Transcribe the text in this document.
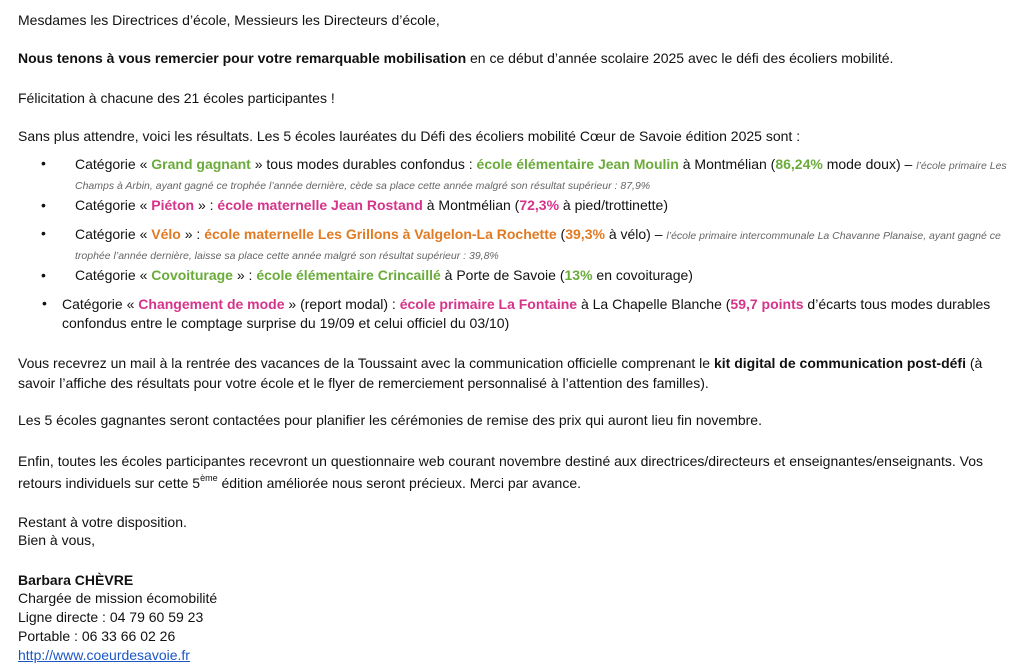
Mesdames les Directrices d’école, Messieurs les Directeurs d’école,

Nous tenons à vous remercier pour votre remarquable mobilisation en ce début d’année scolaire 2025 avec le défi des écoliers mobilité.

Félicitation à chacune des 21 écoles participantes !

Sans plus attendre, voici les résultats. Les 5 écoles lauréates du Défi des écoliers mobilité Cœur de Savoie édition 2025 sont :

• Catégorie « Grand gagnant » tous modes durables confondus : école élémentaire Jean Moulin à Montmélian (86,24% mode doux) – l’école primaire Les Champs à Arbin, ayant gagné ce trophée l’année dernière, cède sa place cette année malgré son résultat supérieur : 87,9%
• Catégorie « Piéton » : école maternelle Jean Rostand à Montmélian (72,3% à pied/trottinette)
• Catégorie « Vélo » : école maternelle Les Grillons à Valgelon-La Rochette (39,3% à vélo) – l’école primaire intercommunale La Chavanne Planaise, ayant gagné ce trophée l’année dernière, laisse sa place cette année malgré son résultat supérieur : 39,8%
• Catégorie « Covoiturage » : école élémentaire Crincaillé à Porte de Savoie (13% en covoiturage)
• Catégorie « Changement de mode » (report modal) : école primaire La Fontaine à La Chapelle Blanche (59,7 points d’écarts tous modes durables confondus entre le comptage surprise du 19/09 et celui officiel du 03/10)

Vous recevrez un mail à la rentrée des vacances de la Toussaint avec la communication officielle comprenant le kit digital de communication post-défi (à savoir l’affiche des résultats pour votre école et le flyer de remerciement personnalisé à l’attention des familles).

Les 5 écoles gagnantes seront contactées pour planifier les cérémonies de remise des prix qui auront lieu fin novembre.

Enfin, toutes les écoles participantes recevront un questionnaire web courant novembre destiné aux directrices/directeurs et enseignantes/enseignants. Vos retours individuels sur cette 5ème édition améliorée nous seront précieux. Merci par avance.

Restant à votre disposition.

Bien à vous,

Barbara CHÈVRE

Chargée de mission écomobilité

Ligne directe : 04 79 60 59 23

Portable : 06 33 66 02 26

http://www.coeurdesavoie.fr
